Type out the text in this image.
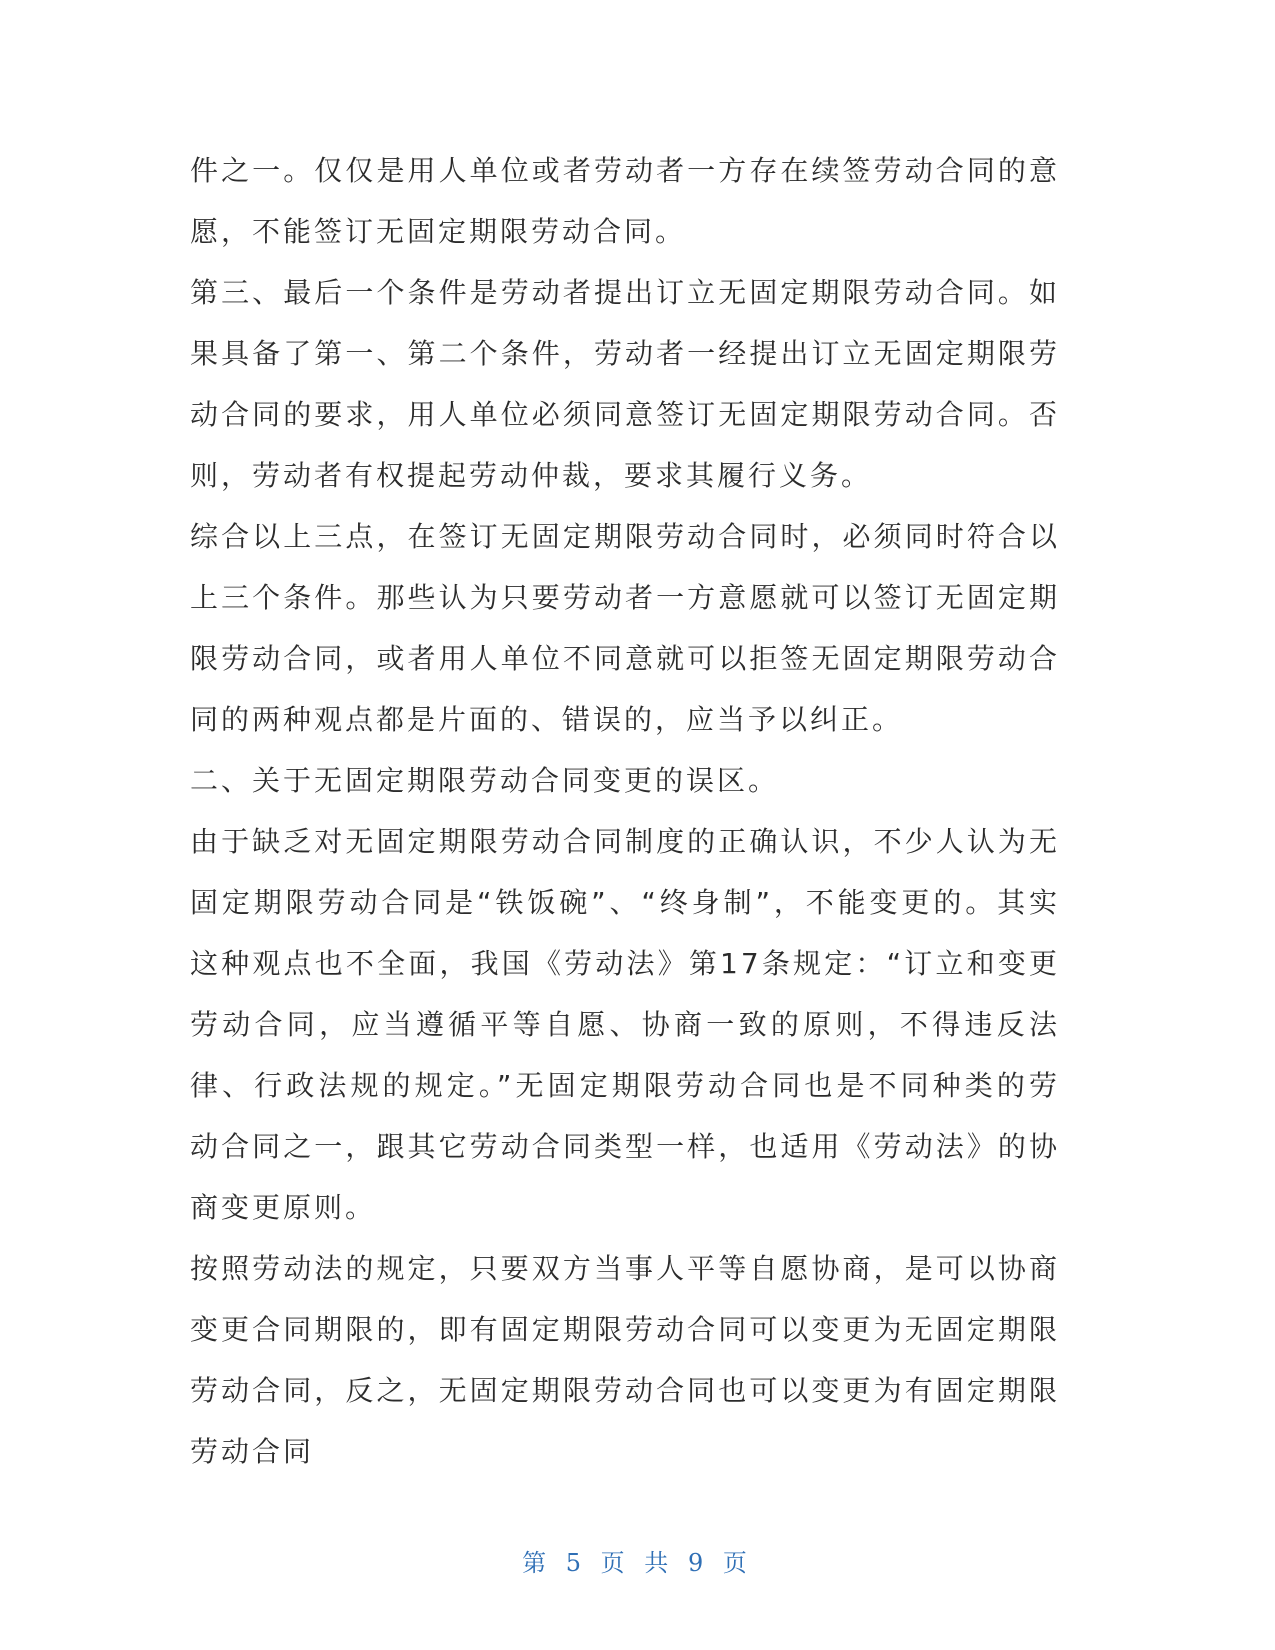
件之一。仅仅是用人单位或者劳动者一方存在续签劳动合同的意愿，不能签订无固定期限劳动合同。

第三、最后一个条件是劳动者提出订立无固定期限劳动合同。如果具备了第一、第二个条件，劳动者一经提出订立无固定期限劳动合同的要求，用人单位必须同意签订无固定期限劳动合同。否则，劳动者有权提起劳动仲裁，要求其履行义务。

综合以上三点，在签订无固定期限劳动合同时，必须同时符合以上三个条件。那些认为只要劳动者一方意愿就可以签订无固定期限劳动合同，或者用人单位不同意就可以拒签无固定期限劳动合同的两种观点都是片面的、错误的，应当予以纠正。

二、关于无固定期限劳动合同变更的误区。

由于缺乏对无固定期限劳动合同制度的正确认识，不少人认为无固定期限劳动合同是“铁饭碗”、“终身制”，不能变更的。其实这种观点也不全面，我国《劳动法》第17条规定：“订立和变更劳动合同，应当遵循平等自愿、协商一致的原则，不得违反法律、行政法规的规定。”无固定期限劳动合同也是不同种类的劳动合同之一，跟其它劳动合同类型一样，也适用《劳动法》的协商变更原则。

按照劳动法的规定，只要双方当事人平等自愿协商，是可以协商变更合同期限的，即有固定期限劳动合同可以变更为无固定期限劳动合同，反之，无固定期限劳动合同也可以变更为有固定期限劳动合同

第 5 页 共 9 页
